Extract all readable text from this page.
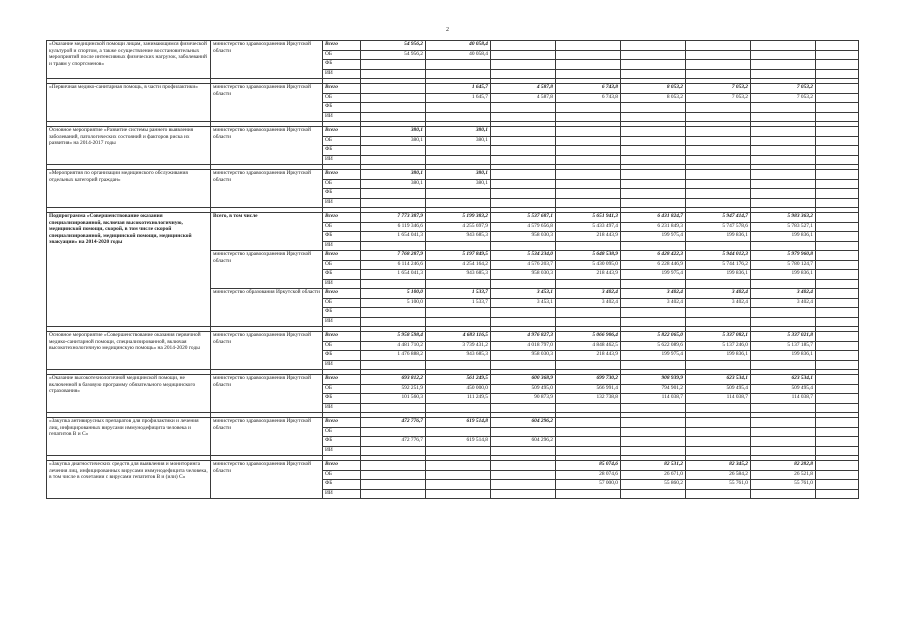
2
«Оказание медицинской помощи лицам, занимающимся физической культурой и спортом, а также осуществление восстановительных мероприятий после интенсивных физических нагрузок, заболеваний и травм у спортсменов»	министерство здравоохранения Иркутской области	Всего	54 956,2	40 058,4						
		ОБ	54 956,2	40 058,4						
		ФБ								
		ИИ								

«Первичная медико-санитарная помощь, в части профилактики»	министерство здравоохранения Иркутской области	Всего		1 645,7	4 587,8	6 743,8	8 053,2	7 053,2	7 053,2	
		ОБ		1 645,7	4 587,8	6 743,8	8 053,2	7 053,2	7 053,2	
		ФБ								
		ИИ								

Основное мероприятие «Развитие системы раннего выявления заболеваний, патологических состояний и факторов риска их развития» на 2014-2017 годы	министерство здравоохранения Иркутской области	Всего	380,1	380,1						
		ОБ	380,1	380,1						
		ФБ								
		ИИ								

«Мероприятия по организации медицинского обслуживания отдельных категорий граждан»	министерство здравоохранения Иркутской области	Всего	380,1	380,1						
		ОБ	380,1	380,1						
		ФБ								
		ИИ								

Подпрограмма «Совершенствование оказания специализированной, включая высокотехнологичную, медицинской помощи, скорой, в том числе скорой специализированной, медицинской помощи, медицинской эвакуации» на 2014-2020 годы	Всего, в том числе	Всего	7 773 387,9	5 199 383,2	5 537 687,1	5 651 941,3	6 431 824,7	5 947 414,7	5 983 363,2	
		ОБ	6 119 346,6	4 255 697,9	4 579 656,8	5 433 497,4	6 231 849,3	5 747 578,6	5 783 527,1	
		ФБ	1 654 041,3	943 685,3	958 030,3	218 443,9	199 975,4	199 836,1	199 836,1	
		ИИ								
	министерство здравоохранения Иркутской области	Всего	7 768 287,9	5 197 849,5	5 534 234,0	5 648 538,9	6 428 422,3	5 944 012,3	5 979 960,8	
		ОБ	6 114 246,6	4 254 164,2	4 576 203,7	5 430 095,0	6 228 446,9	5 744 176,2	5 780 124,7	
		ФБ	1 654 041,3	943 685,3	958 030,3	218 443,9	199 975,4	199 836,1	199 836,1	
		ИИ								
	министерство образования Иркутской области	Всего	5 100,0	1 533,7	3 453,1	3 402,4	3 402,4	3 402,4	3 402,4	
		ОБ	5 100,0	1 533,7	3 453,1	3 402,4	3 402,4	3 402,4	3 402,4	
		ФБ								
		ИИ								

Основное мероприятие «Совершенствование оказания первичной медико-санитарной помощи, специализированной, включая высокотехнологичную медицинскую помощь» на 2014-2020 годы	министерство здравоохранения Иркутской области	Всего	5 958 598,4	4 683 116,5	4 976 827,3	5 066 906,4	5 822 065,0	5 337 082,1	5 337 021,8	
		ОБ	4 481 710,2	3 739 431,2	4 018 797,0	4 848 462,5	5 622 089,6	5 137 246,0	5 137 185,7	
		ФБ	1 476 888,2	943 685,3	958 030,3	218 443,9	199 975,4	199 836,1	199 836,1	
		ИИ								

«Оказание высокотехнологичной медицинской помощи, не включенной в базовую программу обязательного медицинского страхования»	министерство здравоохранения Иркутской области	Всего	693 812,2	561 249,5	600 368,9	699 730,2	908 939,9	623 534,1	623 534,1	
		ОБ	592 251,9	450 000,0	509 495,0	566 991,4	794 901,2	509 495,4	509 495,4	
		ФБ	101 560,3	111 249,5	90 873,9	132 738,8	114 038,7	114 038,7	114 038,7	
		ИИ								

«Закупка антивирусных препаратов для профилактики и лечения лиц, инфицированных вирусами иммунодефицита человека и гепатитов В и С»	министерство здравоохранения Иркутской области	Всего	472 776,7	619 514,8	604 296,2					
		ОБ								
		ФБ	472 776,7	619 514,8	604 296,2					
		ИИ								

«Закупка диагностических средств для выявления и мониторинга лечения лиц, инфицированных вирусами иммунодефицита человека, в том числе в сочетании с вирусами гепатитов В и (или) С»	министерство здравоохранения Иркутской области	Всего				85 074,6	82 531,2	82 345,2	82 282,8	
		ОБ				28 074,6	26 671,0	26 584,2	26 521,8	
		ФБ				57 000,0	55 860,2	55 761,0	55 761,0	
		ИИ								
